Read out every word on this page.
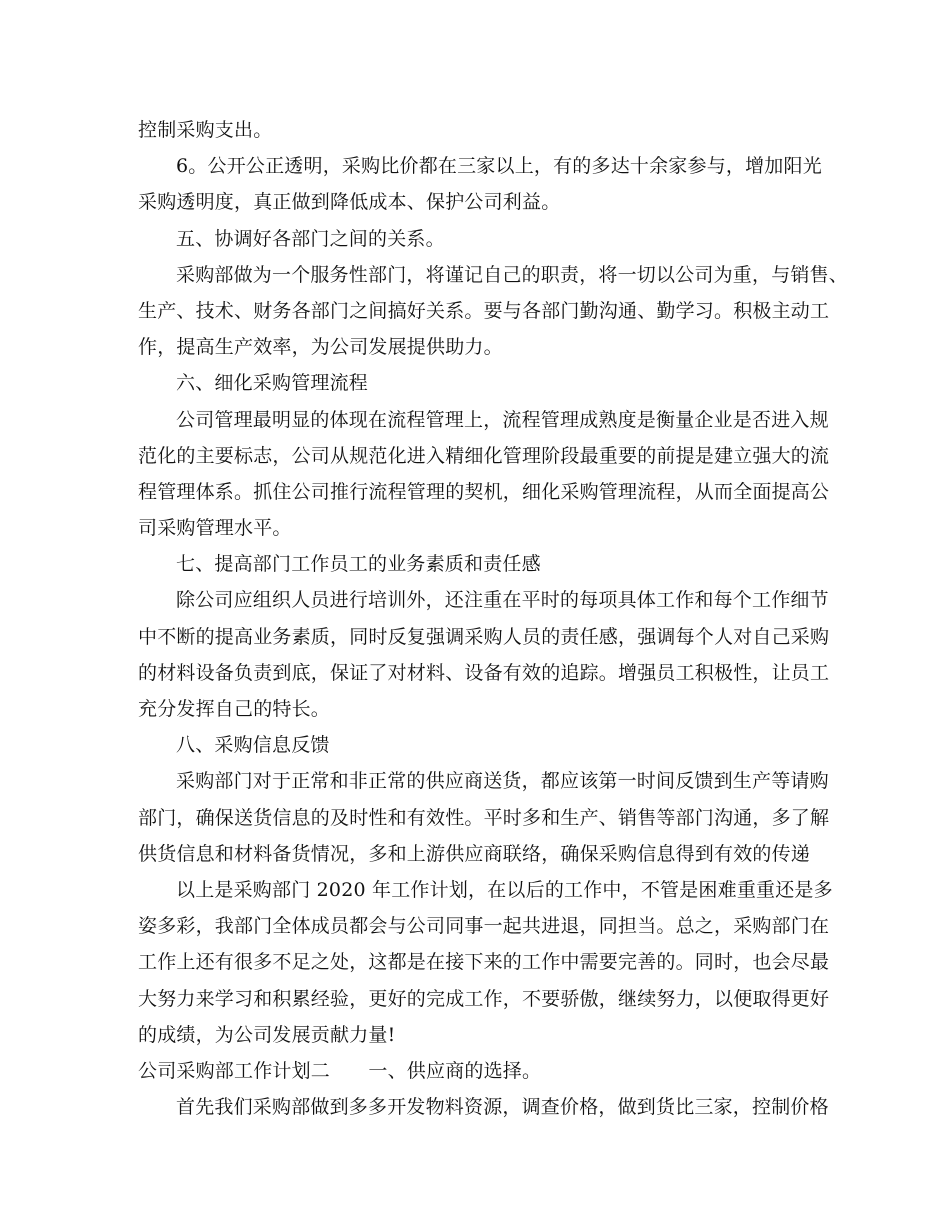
控制采购支出。
6。公开公正透明，采购比价都在三家以上，有的多达十余家参与，增加阳光
采购透明度，真正做到降低成本、保护公司利益。
五、协调好各部门之间的关系。
采购部做为一个服务性部门，将谨记自己的职责，将一切以公司为重，与销售、
生产、技术、财务各部门之间搞好关系。要与各部门勤沟通、勤学习。积极主动工
作，提高生产效率，为公司发展提供助力。
六、细化采购管理流程
公司管理最明显的体现在流程管理上，流程管理成熟度是衡量企业是否进入规
范化的主要标志，公司从规范化进入精细化管理阶段最重要的前提是建立强大的流
程管理体系。抓住公司推行流程管理的契机，细化采购管理流程，从而全面提高公
司采购管理水平。
七、提高部门工作员工的业务素质和责任感
除公司应组织人员进行培训外，还注重在平时的每项具体工作和每个工作细节
中不断的提高业务素质，同时反复强调采购人员的责任感，强调每个人对自己采购
的材料设备负责到底，保证了对材料、设备有效的追踪。增强员工积极性，让员工
充分发挥自己的特长。
八、采购信息反馈
采购部门对于正常和非正常的供应商送货，都应该第一时间反馈到生产等请购
部门，确保送货信息的及时性和有效性。平时多和生产、销售等部门沟通，多了解
供货信息和材料备货情况，多和上游供应商联络，确保采购信息得到有效的传递
以上是采购部门 2020 年工作计划，在以后的工作中，不管是困难重重还是多
姿多彩，我部门全体成员都会与公司同事一起共进退，同担当。总之，采购部门在
工作上还有很多不足之处，这都是在接下来的工作中需要完善的。同时，也会尽最
大努力来学习和积累经验，更好的完成工作，不要骄傲，继续努力，以便取得更好
的成绩，为公司发展贡献力量!
公司采购部工作计划二　　一、供应商的选择。
首先我们采购部做到多多开发物料资源，调查价格，做到货比三家，控制价格
